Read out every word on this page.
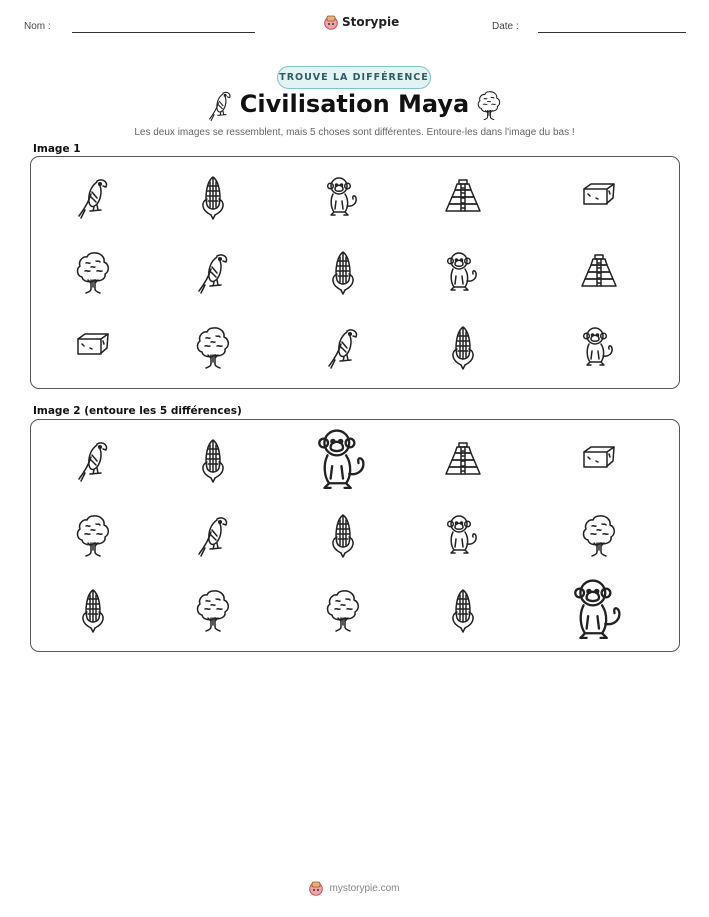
Nom :	Storypie	Date :
TROUVE LA DIFFÉRENCE
Civilisation Maya
Les deux images se ressemblent, mais 5 choses sont différentes. Entoure-les dans l'image du bas !
Image 1
Image 2 (entoure les 5 différences)
mystorypie.com
